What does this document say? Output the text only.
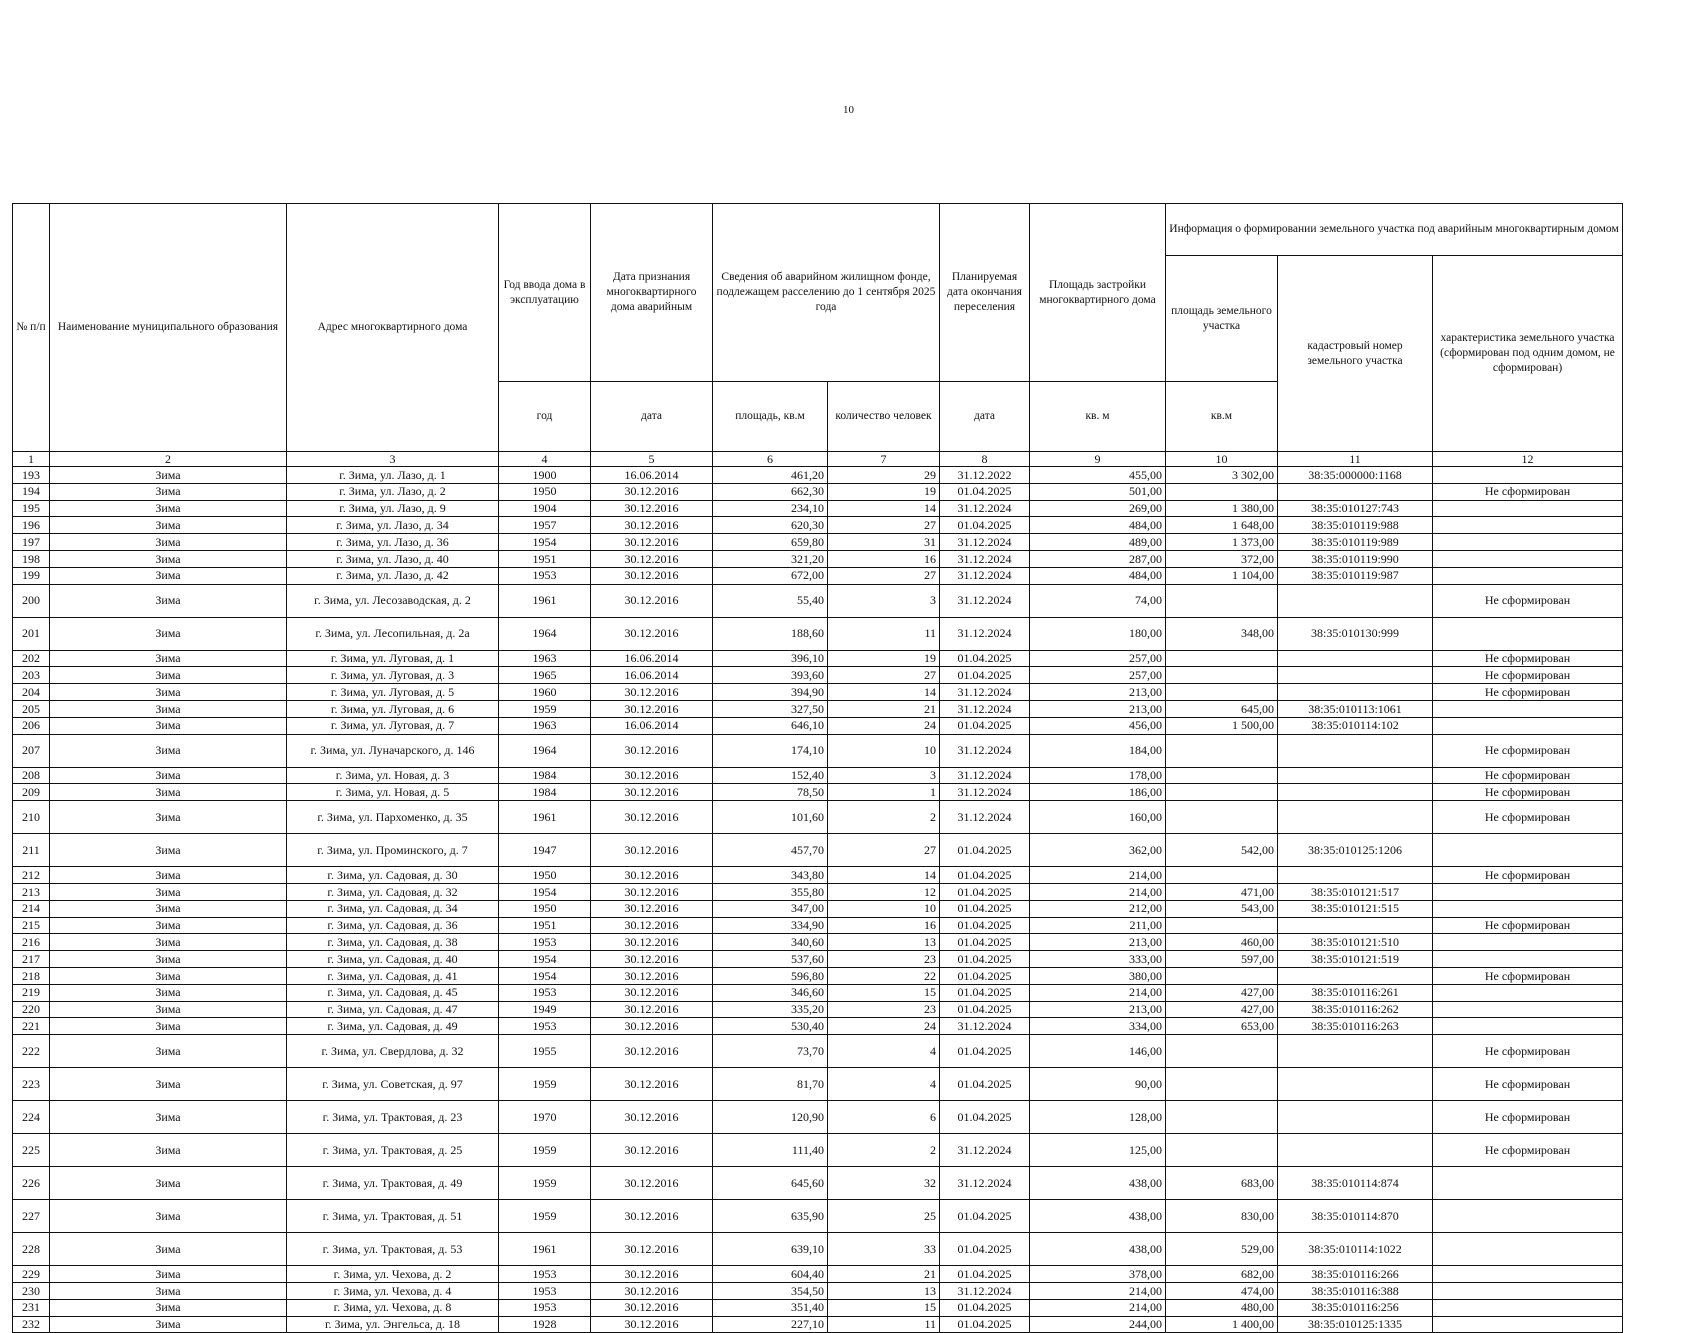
10
№ п/п	Наименование муниципального образования	Адрес многоквартирного дома	Год ввода дома в эксплуатацию	Дата признания многоквартирного дома аварийным	Сведения об аварийном жилищном фонде, подлежащем расселению до 1 сентября 2025 года		Планируемая дата окончания переселения	Площадь застройки многоквартирного дома	Информация о формировании земельного участка под аварийным многоквартирным домом		
									площадь земельного участка	кадастровый номер земельного участка	характеристика земельного участка (сформирован под одним домом, не сформирован)
			год	дата	площадь, кв.м	количество человек	дата	кв. м	кв.м		
1	2	3	4	5	6	7	8	9	10	11	12
193	Зима	г. Зима, ул. Лазо, д. 1	1900	16.06.2014	461,20	29	31.12.2022	455,00	3 302,00	38:35:000000:1168	
194	Зима	г. Зима, ул. Лазо, д. 2	1950	30.12.2016	662,30	19	01.04.2025	501,00			Не сформирован
195	Зима	г. Зима, ул. Лазо, д. 9	1904	30.12.2016	234,10	14	31.12.2024	269,00	1 380,00	38:35:010127:743	
196	Зима	г. Зима, ул. Лазо, д. 34	1957	30.12.2016	620,30	27	01.04.2025	484,00	1 648,00	38:35:010119:988	
197	Зима	г. Зима, ул. Лазо, д. 36	1954	30.12.2016	659,80	31	31.12.2024	489,00	1 373,00	38:35:010119:989	
198	Зима	г. Зима, ул. Лазо, д. 40	1951	30.12.2016	321,20	16	31.12.2024	287,00	372,00	38:35:010119:990	
199	Зима	г. Зима, ул. Лазо, д. 42	1953	30.12.2016	672,00	27	31.12.2024	484,00	1 104,00	38:35:010119:987	
200	Зима	г. Зима, ул. Лесозаводская, д. 2	1961	30.12.2016	55,40	3	31.12.2024	74,00			Не сформирован
201	Зима	г. Зима, ул. Лесопильная, д. 2а	1964	30.12.2016	188,60	11	31.12.2024	180,00	348,00	38:35:010130:999	
202	Зима	г. Зима, ул. Луговая, д. 1	1963	16.06.2014	396,10	19	01.04.2025	257,00			Не сформирован
203	Зима	г. Зима, ул. Луговая, д. 3	1965	16.06.2014	393,60	27	01.04.2025	257,00			Не сформирован
204	Зима	г. Зима, ул. Луговая, д. 5	1960	30.12.2016	394,90	14	31.12.2024	213,00			Не сформирован
205	Зима	г. Зима, ул. Луговая, д. 6	1959	30.12.2016	327,50	21	31.12.2024	213,00	645,00	38:35:010113:1061	
206	Зима	г. Зима, ул. Луговая, д. 7	1963	16.06.2014	646,10	24	01.04.2025	456,00	1 500,00	38:35:010114:102	
207	Зима	г. Зима, ул. Луначарского, д. 146	1964	30.12.2016	174,10	10	31.12.2024	184,00			Не сформирован
208	Зима	г. Зима, ул. Новая, д. 3	1984	30.12.2016	152,40	3	31.12.2024	178,00			Не сформирован
209	Зима	г. Зима, ул. Новая, д. 5	1984	30.12.2016	78,50	1	31.12.2024	186,00			Не сформирован
210	Зима	г. Зима, ул. Пархоменко, д. 35	1961	30.12.2016	101,60	2	31.12.2024	160,00			Не сформирован
211	Зима	г. Зима, ул. Проминского, д. 7	1947	30.12.2016	457,70	27	01.04.2025	362,00	542,00	38:35:010125:1206	
212	Зима	г. Зима, ул. Садовая, д. 30	1950	30.12.2016	343,80	14	01.04.2025	214,00			Не сформирован
213	Зима	г. Зима, ул. Садовая, д. 32	1954	30.12.2016	355,80	12	01.04.2025	214,00	471,00	38:35:010121:517	
214	Зима	г. Зима, ул. Садовая, д. 34	1950	30.12.2016	347,00	10	01.04.2025	212,00	543,00	38:35:010121:515	
215	Зима	г. Зима, ул. Садовая, д. 36	1951	30.12.2016	334,90	16	01.04.2025	211,00			Не сформирован
216	Зима	г. Зима, ул. Садовая, д. 38	1953	30.12.2016	340,60	13	01.04.2025	213,00	460,00	38:35:010121:510	
217	Зима	г. Зима, ул. Садовая, д. 40	1954	30.12.2016	537,60	23	01.04.2025	333,00	597,00	38:35:010121:519	
218	Зима	г. Зима, ул. Садовая, д. 41	1954	30.12.2016	596,80	22	01.04.2025	380,00			Не сформирован
219	Зима	г. Зима, ул. Садовая, д. 45	1953	30.12.2016	346,60	15	01.04.2025	214,00	427,00	38:35:010116:261	
220	Зима	г. Зима, ул. Садовая, д. 47	1949	30.12.2016	335,20	23	01.04.2025	213,00	427,00	38:35:010116:262	
221	Зима	г. Зима, ул. Садовая, д. 49	1953	30.12.2016	530,40	24	31.12.2024	334,00	653,00	38:35:010116:263	
222	Зима	г. Зима, ул. Свердлова, д. 32	1955	30.12.2016	73,70	4	01.04.2025	146,00			Не сформирован
223	Зима	г. Зима, ул. Советская, д. 97	1959	30.12.2016	81,70	4	01.04.2025	90,00			Не сформирован
224	Зима	г. Зима, ул. Трактовая, д. 23	1970	30.12.2016	120,90	6	01.04.2025	128,00			Не сформирован
225	Зима	г. Зима, ул. Трактовая, д. 25	1959	30.12.2016	111,40	2	31.12.2024	125,00			Не сформирован
226	Зима	г. Зима, ул. Трактовая, д. 49	1959	30.12.2016	645,60	32	31.12.2024	438,00	683,00	38:35:010114:874	
227	Зима	г. Зима, ул. Трактовая, д. 51	1959	30.12.2016	635,90	25	01.04.2025	438,00	830,00	38:35:010114:870	
228	Зима	г. Зима, ул. Трактовая, д. 53	1961	30.12.2016	639,10	33	01.04.2025	438,00	529,00	38:35:010114:1022	
229	Зима	г. Зима, ул. Чехова, д. 2	1953	30.12.2016	604,40	21	01.04.2025	378,00	682,00	38:35:010116:266	
230	Зима	г. Зима, ул. Чехова, д. 4	1953	30.12.2016	354,50	13	31.12.2024	214,00	474,00	38:35:010116:388	
231	Зима	г. Зима, ул. Чехова, д. 8	1953	30.12.2016	351,40	15	01.04.2025	214,00	480,00	38:35:010116:256	
232	Зима	г. Зима, ул. Энгельса, д. 18	1928	30.12.2016	227,10	11	01.04.2025	244,00	1 400,00	38:35:010125:1335	
